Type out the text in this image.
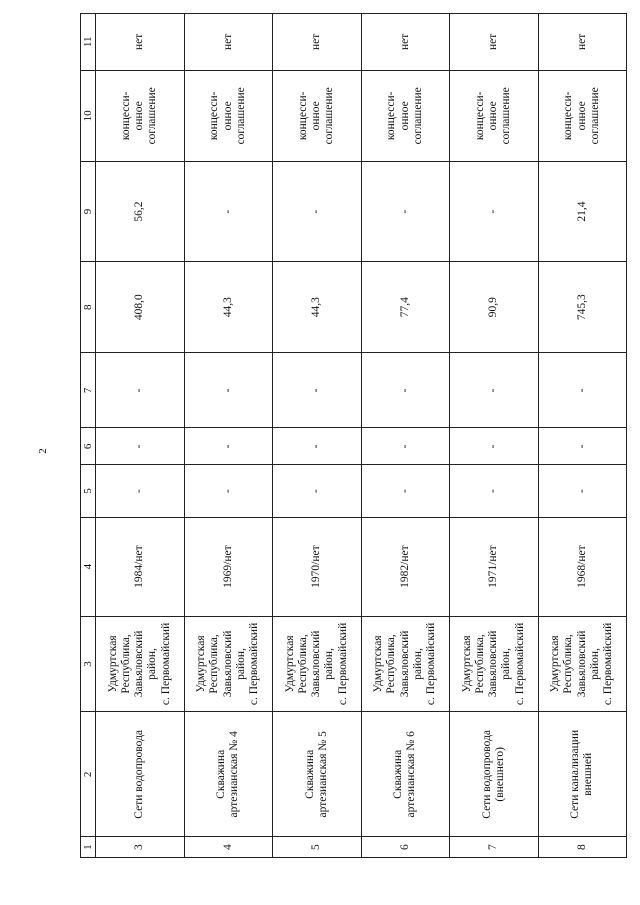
2
1	2	3	4	5	6	7	8	9	10	11
3	Сети водопровода	Удмуртская
Республика,
Завьяловский
район,
с. Первомайский	1984/нет	-	-	-	408,0	56,2	концесси-
онное
соглашение	нет
4	Скважина
артезианская № 4	Удмуртская
Республика,
Завьяловский
район,
с. Первомайский	1969/нет	-	-	-	44,3	-	концесси-
онное
соглашение	нет
5	Скважина
артезианская № 5	Удмуртская
Республика,
Завьяловский
район,
с. Первомайский	1970/нет	-	-	-	44,3	-	концесси-
онное
соглашение	нет
6	Скважина
артезианская № 6	Удмуртская
Республика,
Завьяловский
район,
с. Первомайский	1982/нет	-	-	-	77,4	-	концесси-
онное
соглашение	нет
7	Сети водопровода
(внешнего)	Удмуртская
Республика,
Завьяловский
район,
с. Первомайский	1971/нет	-	-	-	90,9	-	концесси-
онное
соглашение	нет
8	Сети канализации
внешней	Удмуртская
Республика,
Завьяловский
район,
с. Первомайский	1968/нет	-	-	-	745,3	21,4	концесси-
онное
соглашение	нет
